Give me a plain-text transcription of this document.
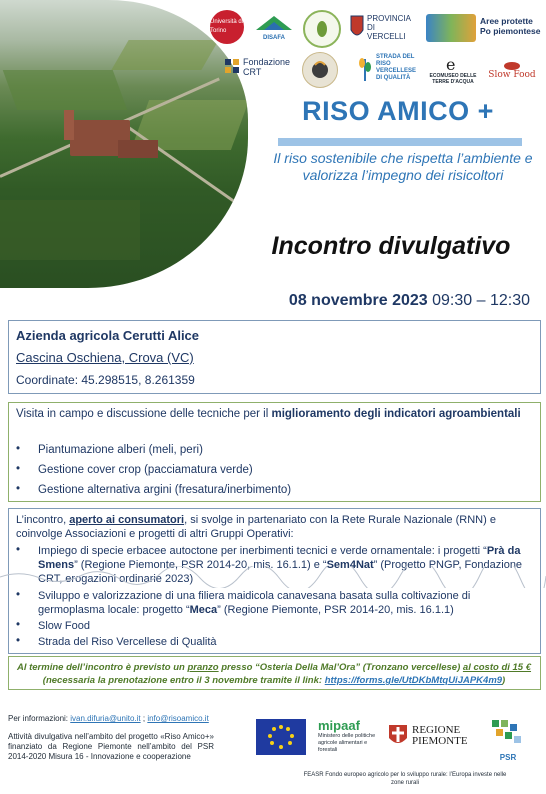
Università di Torino
DISAFA
PROVINCIA DI VERCELLI
Aree protette Po piemontese
Fondazione CRT
STRADA DEL RISO VERCELLESE DI QUALITÀ
e
ECOMUSEO DELLE TERRE D'ACQUA
Slow Food
RISO AMICO +
Il riso sostenibile che rispetta l’ambiente e valorizza l’impegno dei risicoltori
Incontro divulgativo
08 novembre 2023 09:30 – 12:30
Azienda agricola Cerutti Alice
Cascina Oschiena, Crova (VC)
Coordinate: 45.298515, 8.261359
Visita in campo e discussione delle tecniche per il miglioramento degli indicatori agroambientali
• Piantumazione alberi (meli, peri)
• Gestione cover crop (pacciamatura verde)
• Gestione alternativa argini (fresatura/inerbimento)
L’incontro, aperto ai consumatori, si svolge in partenariato con la Rete Rurale Nazionale (RNN) e coinvolge Associazioni e progetti di altri Gruppi Operativi:
• Impiego di specie erbacee autoctone per inerbimenti tecnici e verde ornamentale: i progetti “Prà da Smens” (Regione Piemonte, PSR 2014-20, mis. 16.1.1) e “Sem4Nat” (Progetto PNGP, Fondazione CRT, erogazioni ordinarie 2023)
• Sviluppo e valorizzazione di una filiera maidicola canavesana basata sulla coltivazione di germoplasma locale: progetto “Meca” (Regione Piemonte, PSR 2014-20, mis. 16.1.1)
• Slow Food
• Strada del Riso Vercellese di Qualità
Al termine dell’incontro è previsto un pranzo presso “Osteria Della Mal’Ora” (Tronzano vercellese) al costo di 15 €
(necessaria la prenotazione entro il 3 novembre tramite il link: https://forms.gle/UtDKbMtqUiJAPK4m9)
Per informazioni: ivan.difuria@unito.it ; info@risoamico.it
Attività divulgativa nell’ambito del progetto «Riso Amico+» finanziato da Regione Piemonte nell’ambito del PSR 2014-2020 Misura 16 - Innovazione e cooperazione
mipaaf
Ministero delle politiche agricole alimentari e forestali
REGIONE PIEMONTE
PSR
FEASR Fondo europeo agricolo per lo sviluppo rurale: l’Europa investe nelle zone rurali
